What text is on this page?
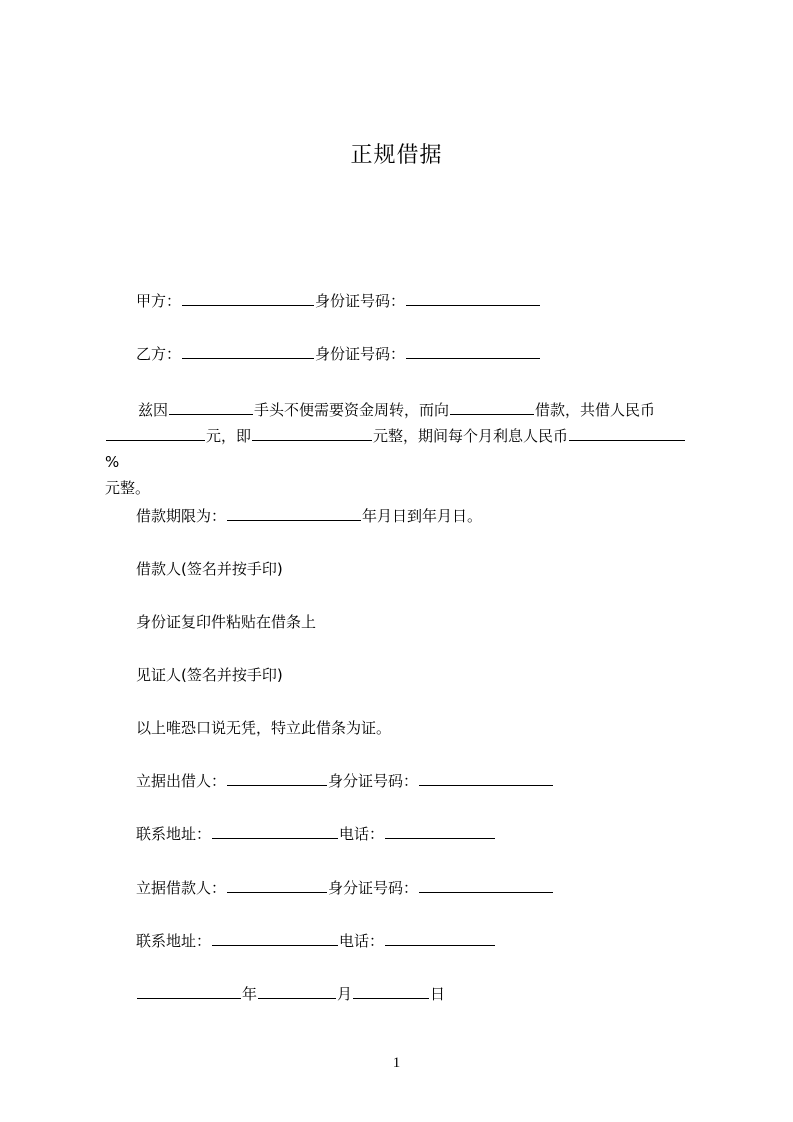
正规借据
甲方：	身份证号码：
乙方：	身份证号码：
兹因	手头不便需要资金周转，而向	借款，共借人民币元，即	元整，期间每个月利息人民币%
元整。
借款期限为：	年月日到年月日。
借款人(签名并按手印)
身份证复印件粘贴在借条上
见证人(签名并按手印)
以上唯恐口说无凭，特立此借条为证。
立据出借人：	身分证号码：
联系地址：	电话：
立据借款人：	身分证号码：
联系地址：	电话：
年	月	日
1
